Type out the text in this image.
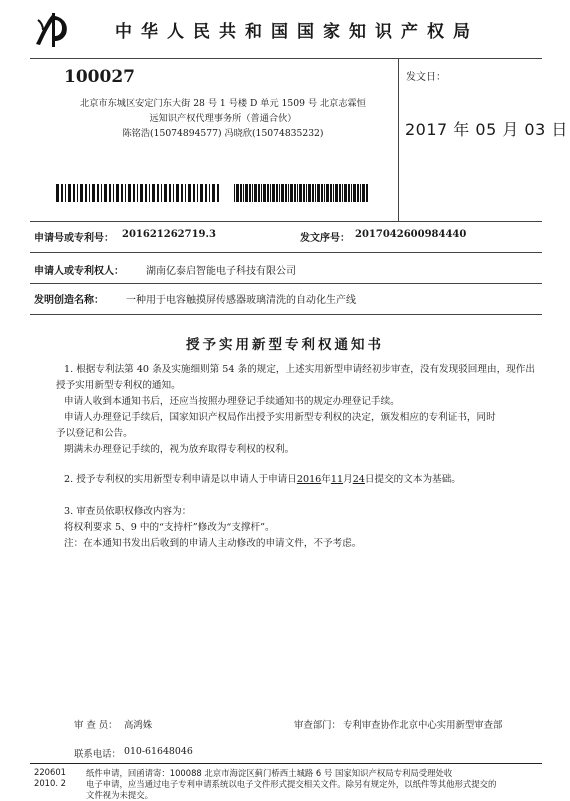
中华人民共和国国家知识产权局
100027
北京市东城区安定门东大街 28 号 1 号楼 D 单元 1509 号 北京志霖恒
远知识产权代理事务所（普通合伙）
陈铭浩(15074894577) 冯晓欣(15074835232)
发文日：
2017 年 05 月 03 日
申请号或专利号： 201621262719.3	发文序号： 2017042600984440
申请人或专利权人： 湖南亿泰启智能电子科技有限公司
发明创造名称： 一种用于电容触摸屏传感器玻璃清洗的自动化生产线
授予实用新型专利权通知书
1. 根据专利法第 40 条及实施细则第 54 条的规定，上述实用新型申请经初步审查，没有发现驳回理由，现作出
授予实用新型专利权的通知。
申请人收到本通知书后，还应当按照办理登记手续通知书的规定办理登记手续。
申请人办理登记手续后，国家知识产权局作出授予实用新型专利权的决定，颁发相应的专利证书，同时
予以登记和公告。
期满未办理登记手续的，视为放弃取得专利权的权利。
2. 授予专利权的实用新型专利申请是以申请人于申请日2016年11月24日提交的文本为基础。
3. 审查员依职权修改内容为：
将权利要求 5、9 中的“支持杆”修改为“支撑杆”。
注：在本通知书发出后收到的申请人主动修改的申请文件，不予考虑。
审 查 员： 高鸿姝	审查部门： 专利审查协作北京中心实用新型审查部
联系电话： 010-61648046
220601
2010. 2
纸件申请，回函请寄：100088 北京市海淀区蓟门桥西土城路 6 号 国家知识产权局专利局受理处收
电子申请，应当通过电子专利申请系统以电子文件形式提交相关文件。除另有规定外，以纸件等其他形式提交的
文件视为未提交。
